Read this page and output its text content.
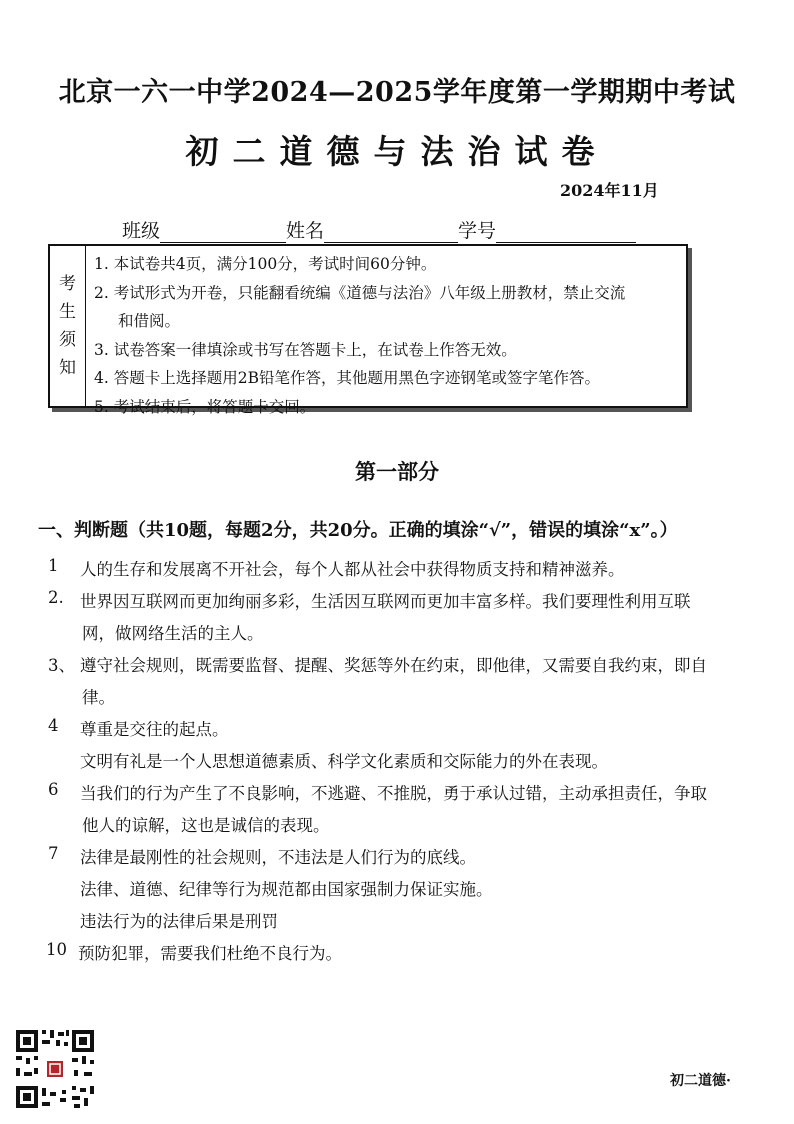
北京一六一中学2024—2025学年度第一学期期中考试
初二道德与法治试卷
2024年11月
班级	姓名	学号
考
生
须
知
1. 本试卷共4页，满分100分，考试时间60分钟。
2. 考试形式为开卷，只能翻看统编《道德与法治》八年级上册教材，禁止交流
和借阅。
3. 试卷答案一律填涂或书写在答题卡上，在试卷上作答无效。
4. 答题卡上选择题用2B铅笔作答，其他题用黑色字迹钢笔或签字笔作答。
5. 考试结束后，将答题卡交回。
第一部分
一、判断题（共10题，每题2分，共20分。正确的填涂“√”，错误的填涂“x”。）
1	人的生存和发展离不开社会，每个人都从社会中获得物质支持和精神滋养。
2. 世界因互联网而更加绚丽多彩，生活因互联网而更加丰富多样。我们要理性利用互联
网，做网络生活的主人。
3、 遵守社会规则，既需要监督、提醒、奖惩等外在约束，即他律，又需要自我约束，即自
律。
4	尊重是交往的起点。
文明有礼是一个人思想道德素质、科学文化素质和交际能力的外在表现。
6	当我们的行为产生了不良影响，不逃避、不推脱，勇于承认过错，主动承担责任，争取
他人的谅解，这也是诚信的表现。
7	法律是最刚性的社会规则，不违法是人们行为的底线。
法律、道德、纪律等行为规范都由国家强制力保证实施。
违法行为的法律后果是刑罚
10 预防犯罪，需要我们杜绝不良行为。
初二道德·
